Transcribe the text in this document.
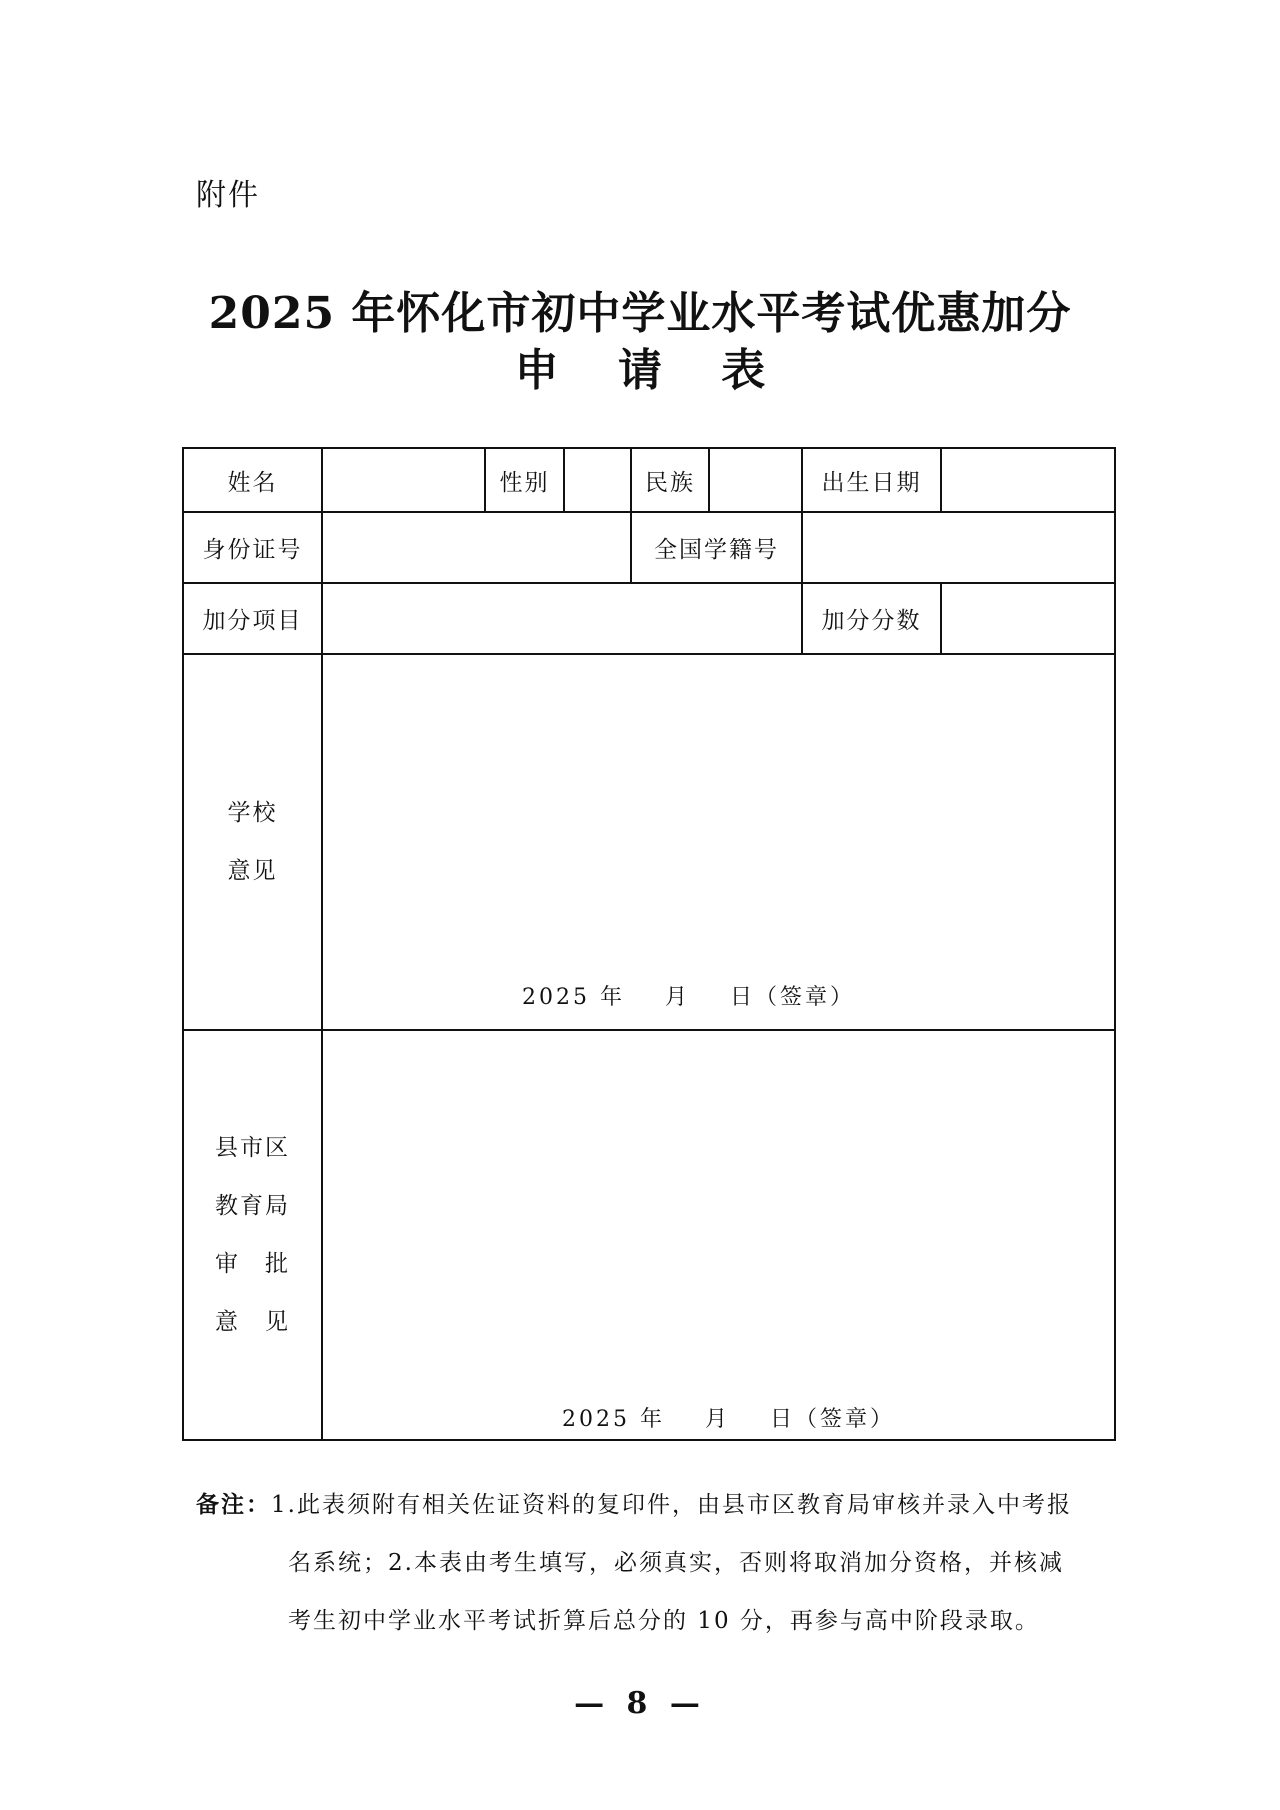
附件
2025 年怀化市初中学业水平考试优惠加分
申 请 表
姓名		性别		民族		出生日期	
身份证号				全国学籍号			
加分项目						加分分数	

学校
意见	2025 年    月    日（签章）						

县市区
教育局
审　批
意　见	2025 年    月    日（签章）						
备注：1.此表须附有相关佐证资料的复印件，由县市区教育局审核并录入中考报
名系统；2.本表由考生填写，必须真实，否则将取消加分资格，并核减
考生初中学业水平考试折算后总分的 10 分，再参与高中阶段录取。
— 8 —
